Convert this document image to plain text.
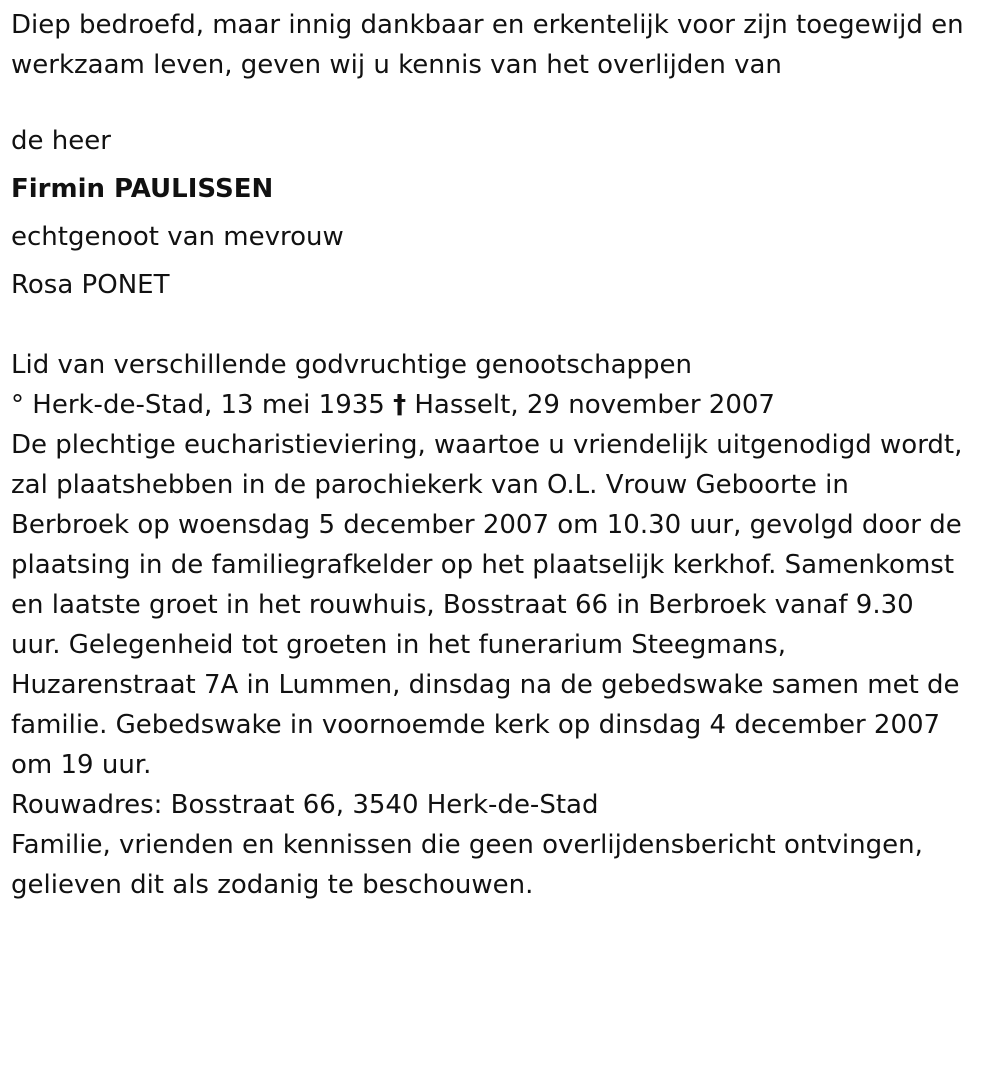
Diep bedroefd, maar innig dankbaar en erkentelijk voor zijn toegewijd en
werkzaam leven, geven wij u kennis van het overlijden van
de heer
Firmin PAULISSEN
echtgenoot van mevrouw
Rosa PONET
Lid van verschillende godvruchtige genootschappen
° Herk-de-Stad, 13 mei 1935 † Hasselt, 29 november 2007
De plechtige eucharistieviering, waartoe u vriendelijk uitgenodigd wordt,
zal plaatshebben in de parochiekerk van O.L. Vrouw Geboorte in
Berbroek op woensdag 5 december 2007 om 10.30 uur, gevolgd door de
plaatsing in de familiegrafkelder op het plaatselijk kerkhof. Samenkomst
en laatste groet in het rouwhuis, Bosstraat 66 in Berbroek vanaf 9.30
uur. Gelegenheid tot groeten in het funerarium Steegmans,
Huzarenstraat 7A in Lummen, dinsdag na de gebedswake samen met de
familie. Gebedswake in voornoemde kerk op dinsdag 4 december 2007
om 19 uur.
Rouwadres: Bosstraat 66, 3540 Herk-de-Stad
Familie, vrienden en kennissen die geen overlijdensbericht ontvingen,
gelieven dit als zodanig te beschouwen.
